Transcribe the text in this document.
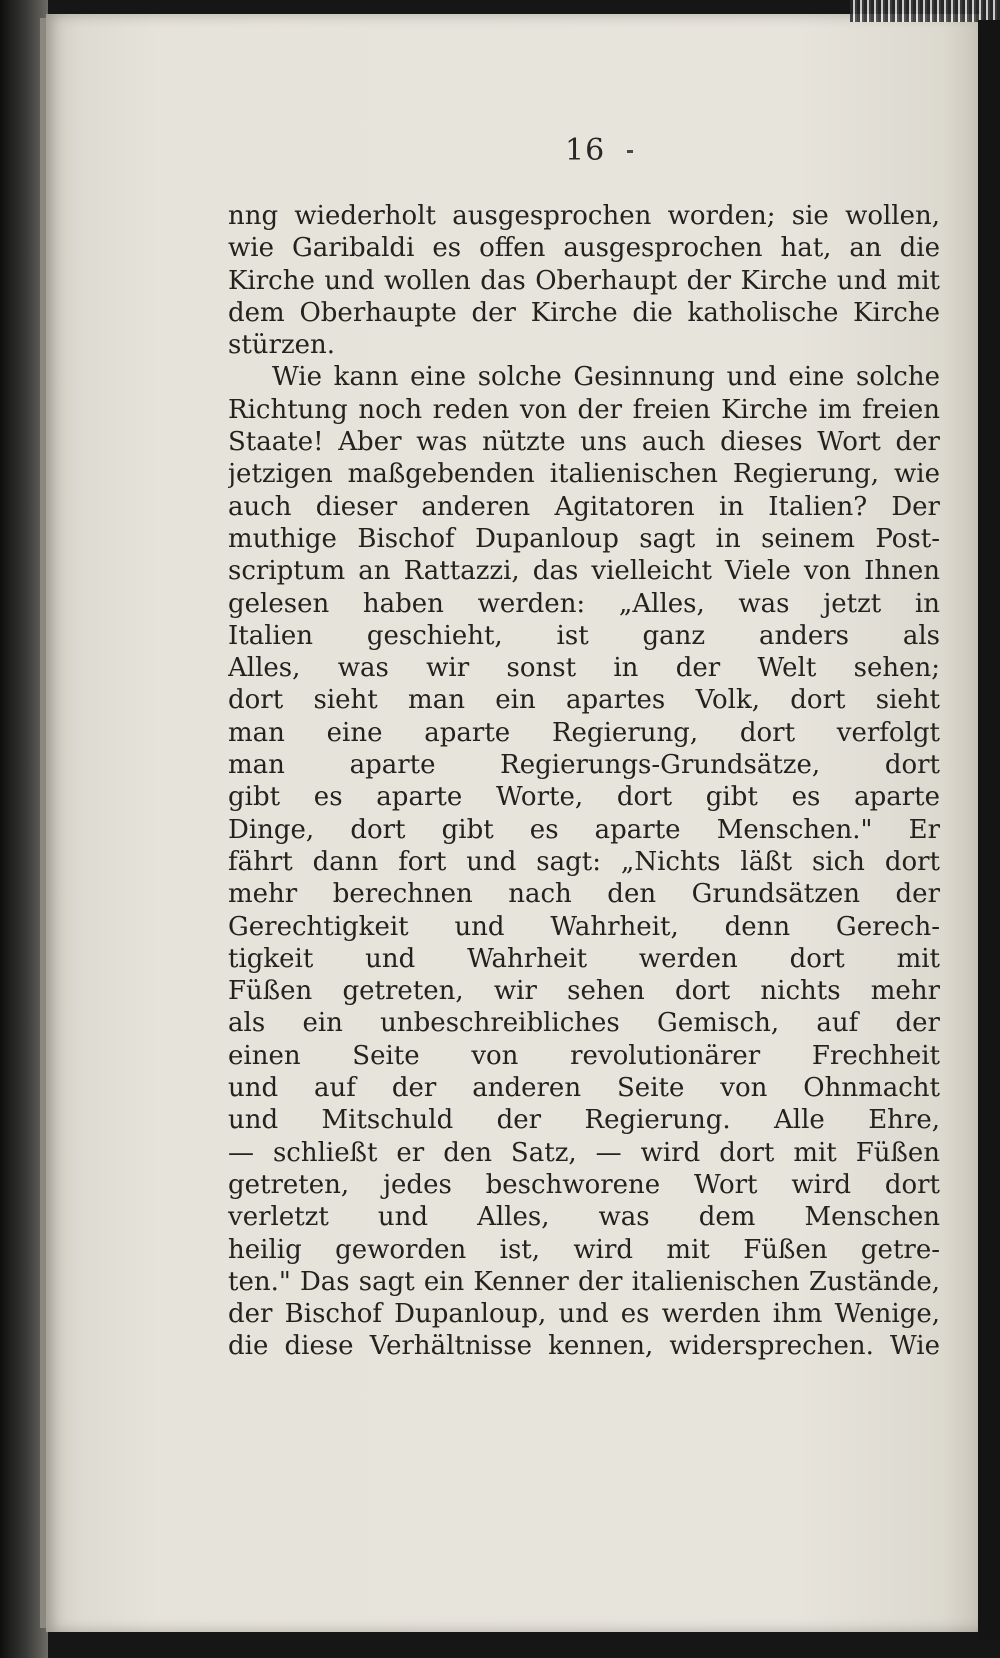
16
nng wiederholt ausgesprochen worden; sie wollen,
wie Garibaldi es offen ausgesprochen hat, an die
Kirche und wollen das Oberhaupt der Kirche und mit
dem Oberhaupte der Kirche die katholische Kirche
stürzen.
Wie kann eine solche Gesinnung und eine solche
Richtung noch reden von der freien Kirche im freien
Staate! Aber was nützte uns auch dieses Wort der
jetzigen maßgebenden italienischen Regierung, wie
auch dieser anderen Agitatoren in Italien? Der
muthige Bischof Dupanloup sagt in seinem Post-
scriptum an Rattazzi, das vielleicht Viele von Ihnen
gelesen haben werden: „Alles, was jetzt in
Italien geschieht, ist ganz anders als
Alles, was wir sonst in der Welt sehen;
dort sieht man ein apartes Volk, dort sieht
man eine aparte Regierung, dort verfolgt
man aparte Regierungs-Grundsätze, dort
gibt es aparte Worte, dort gibt es aparte
Dinge, dort gibt es aparte Menschen." Er
fährt dann fort und sagt: „Nichts läßt sich dort
mehr berechnen nach den Grundsätzen der
Gerechtigkeit und Wahrheit, denn Gerech-
tigkeit und Wahrheit werden dort mit
Füßen getreten, wir sehen dort nichts mehr
als ein unbeschreibliches Gemisch, auf der
einen Seite von revolutionärer Frechheit
und auf der anderen Seite von Ohnmacht
und Mitschuld der Regierung. Alle Ehre,
— schließt er den Satz, — wird dort mit Füßen
getreten, jedes beschworene Wort wird dort
verletzt und Alles, was dem Menschen
heilig geworden ist, wird mit Füßen getre-
ten." Das sagt ein Kenner der italienischen Zustände,
der Bischof Dupanloup, und es werden ihm Wenige,
die diese Verhältnisse kennen, widersprechen. Wie
